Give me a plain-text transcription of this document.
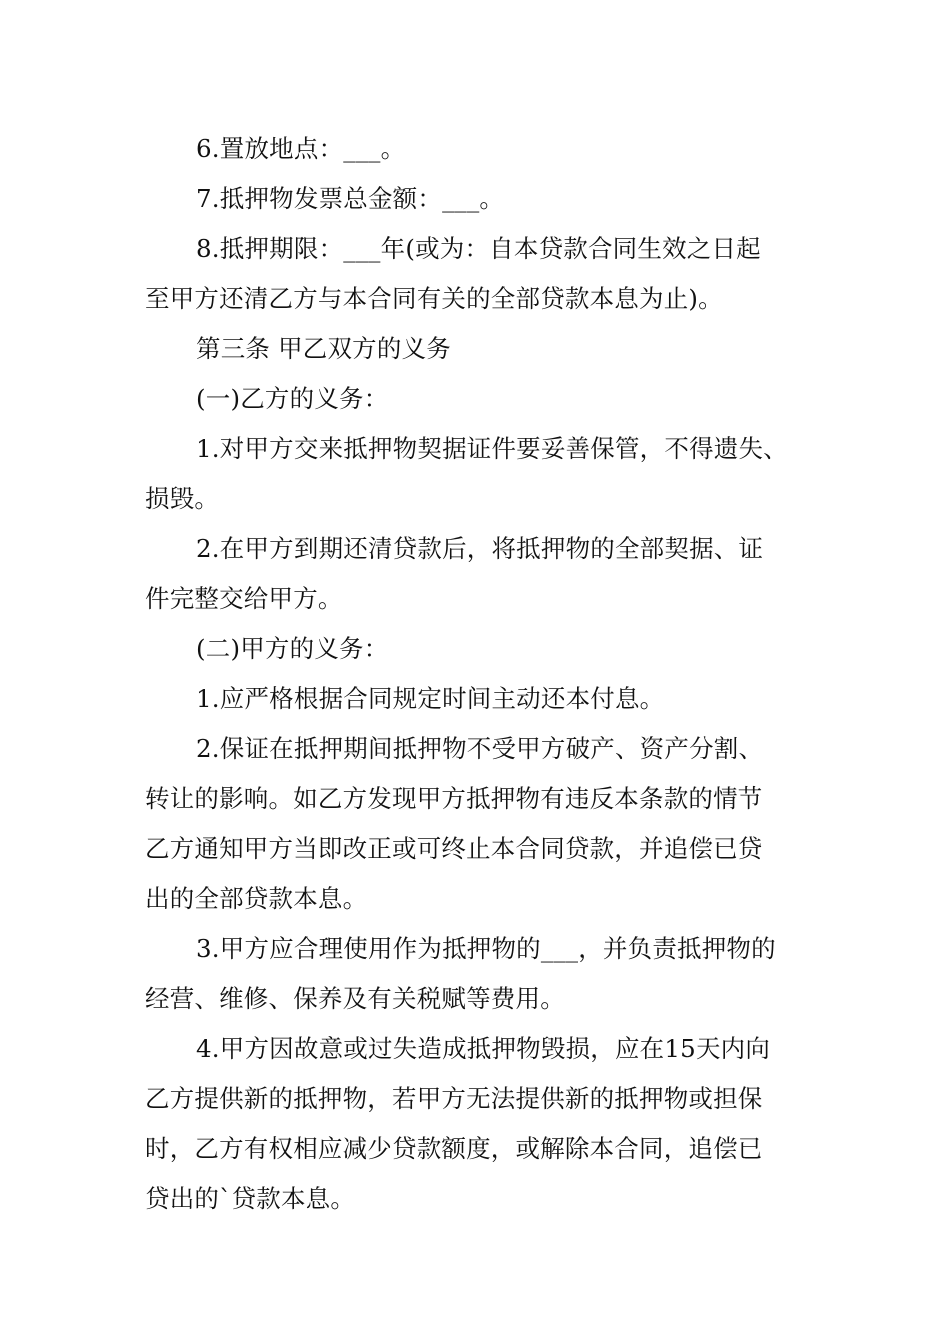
6.置放地点：___。
7.抵押物发票总金额：___。
8.抵押期限：___年(或为：自本贷款合同生效之日起
至甲方还清乙方与本合同有关的全部贷款本息为止)。
第三条 甲乙双方的义务
(一)乙方的义务：
1.对甲方交来抵押物契据证件要妥善保管，不得遗失、
损毁。
2.在甲方到期还清贷款后，将抵押物的全部契据、证
件完整交给甲方。
(二)甲方的义务：
1.应严格根据合同规定时间主动还本付息。
2.保证在抵押期间抵押物不受甲方破产、资产分割、
转让的影响。如乙方发现甲方抵押物有违反本条款的情节
乙方通知甲方当即改正或可终止本合同贷款，并追偿已贷
出的全部贷款本息。
3.甲方应合理使用作为抵押物的___，并负责抵押物的
经营、维修、保养及有关税赋等费用。
4.甲方因故意或过失造成抵押物毁损，应在15天内向
乙方提供新的抵押物，若甲方无法提供新的抵押物或担保
时，乙方有权相应减少贷款额度，或解除本合同，追偿已
贷出的`贷款本息。
